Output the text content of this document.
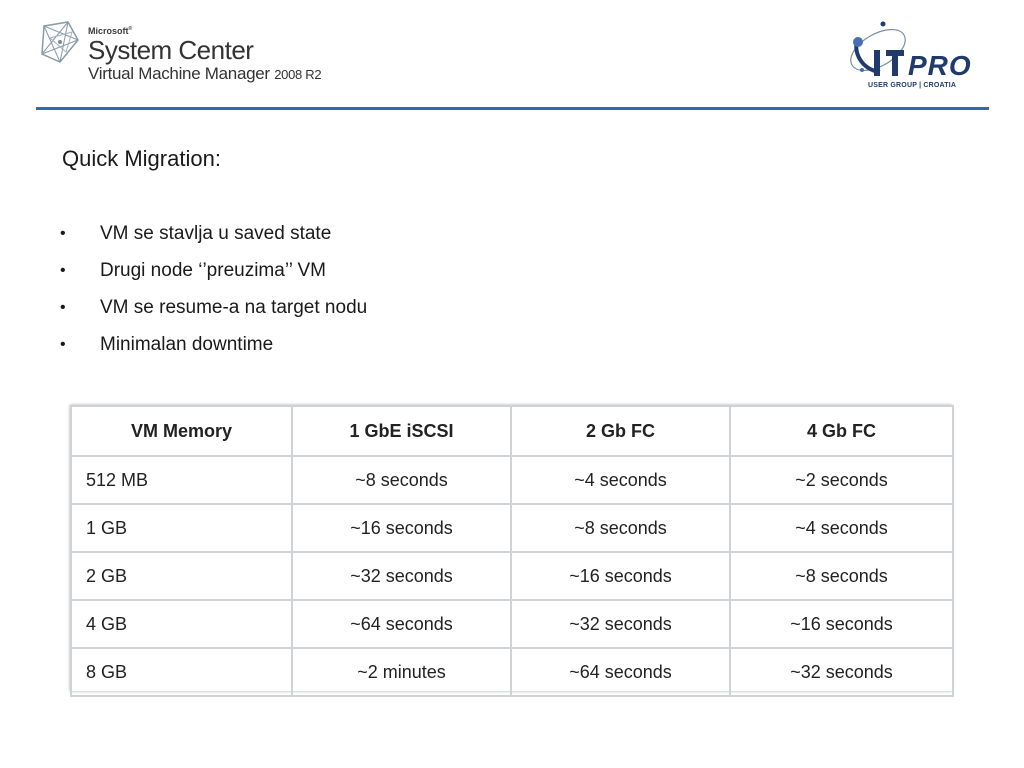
Microsoft®
System Center
Virtual Machine Manager 2008 R2	PRO
USER GROUP | CROATIA
Quick Migration:
• VM se stavlja u saved state
• Drugi node ‘’preuzima’’ VM
• VM se resume-a na target nodu
• Minimalan downtime
VM Memory	1 GbE iSCSI	2 Gb FC	4 Gb FC
512 MB	~8 seconds	~4 seconds	~2 seconds
1 GB	~16 seconds	~8 seconds	~4 seconds
2 GB	~32 seconds	~16 seconds	~8 seconds
4 GB	~64 seconds	~32 seconds	~16 seconds
8 GB	~2 minutes	~64 seconds	~32 seconds
